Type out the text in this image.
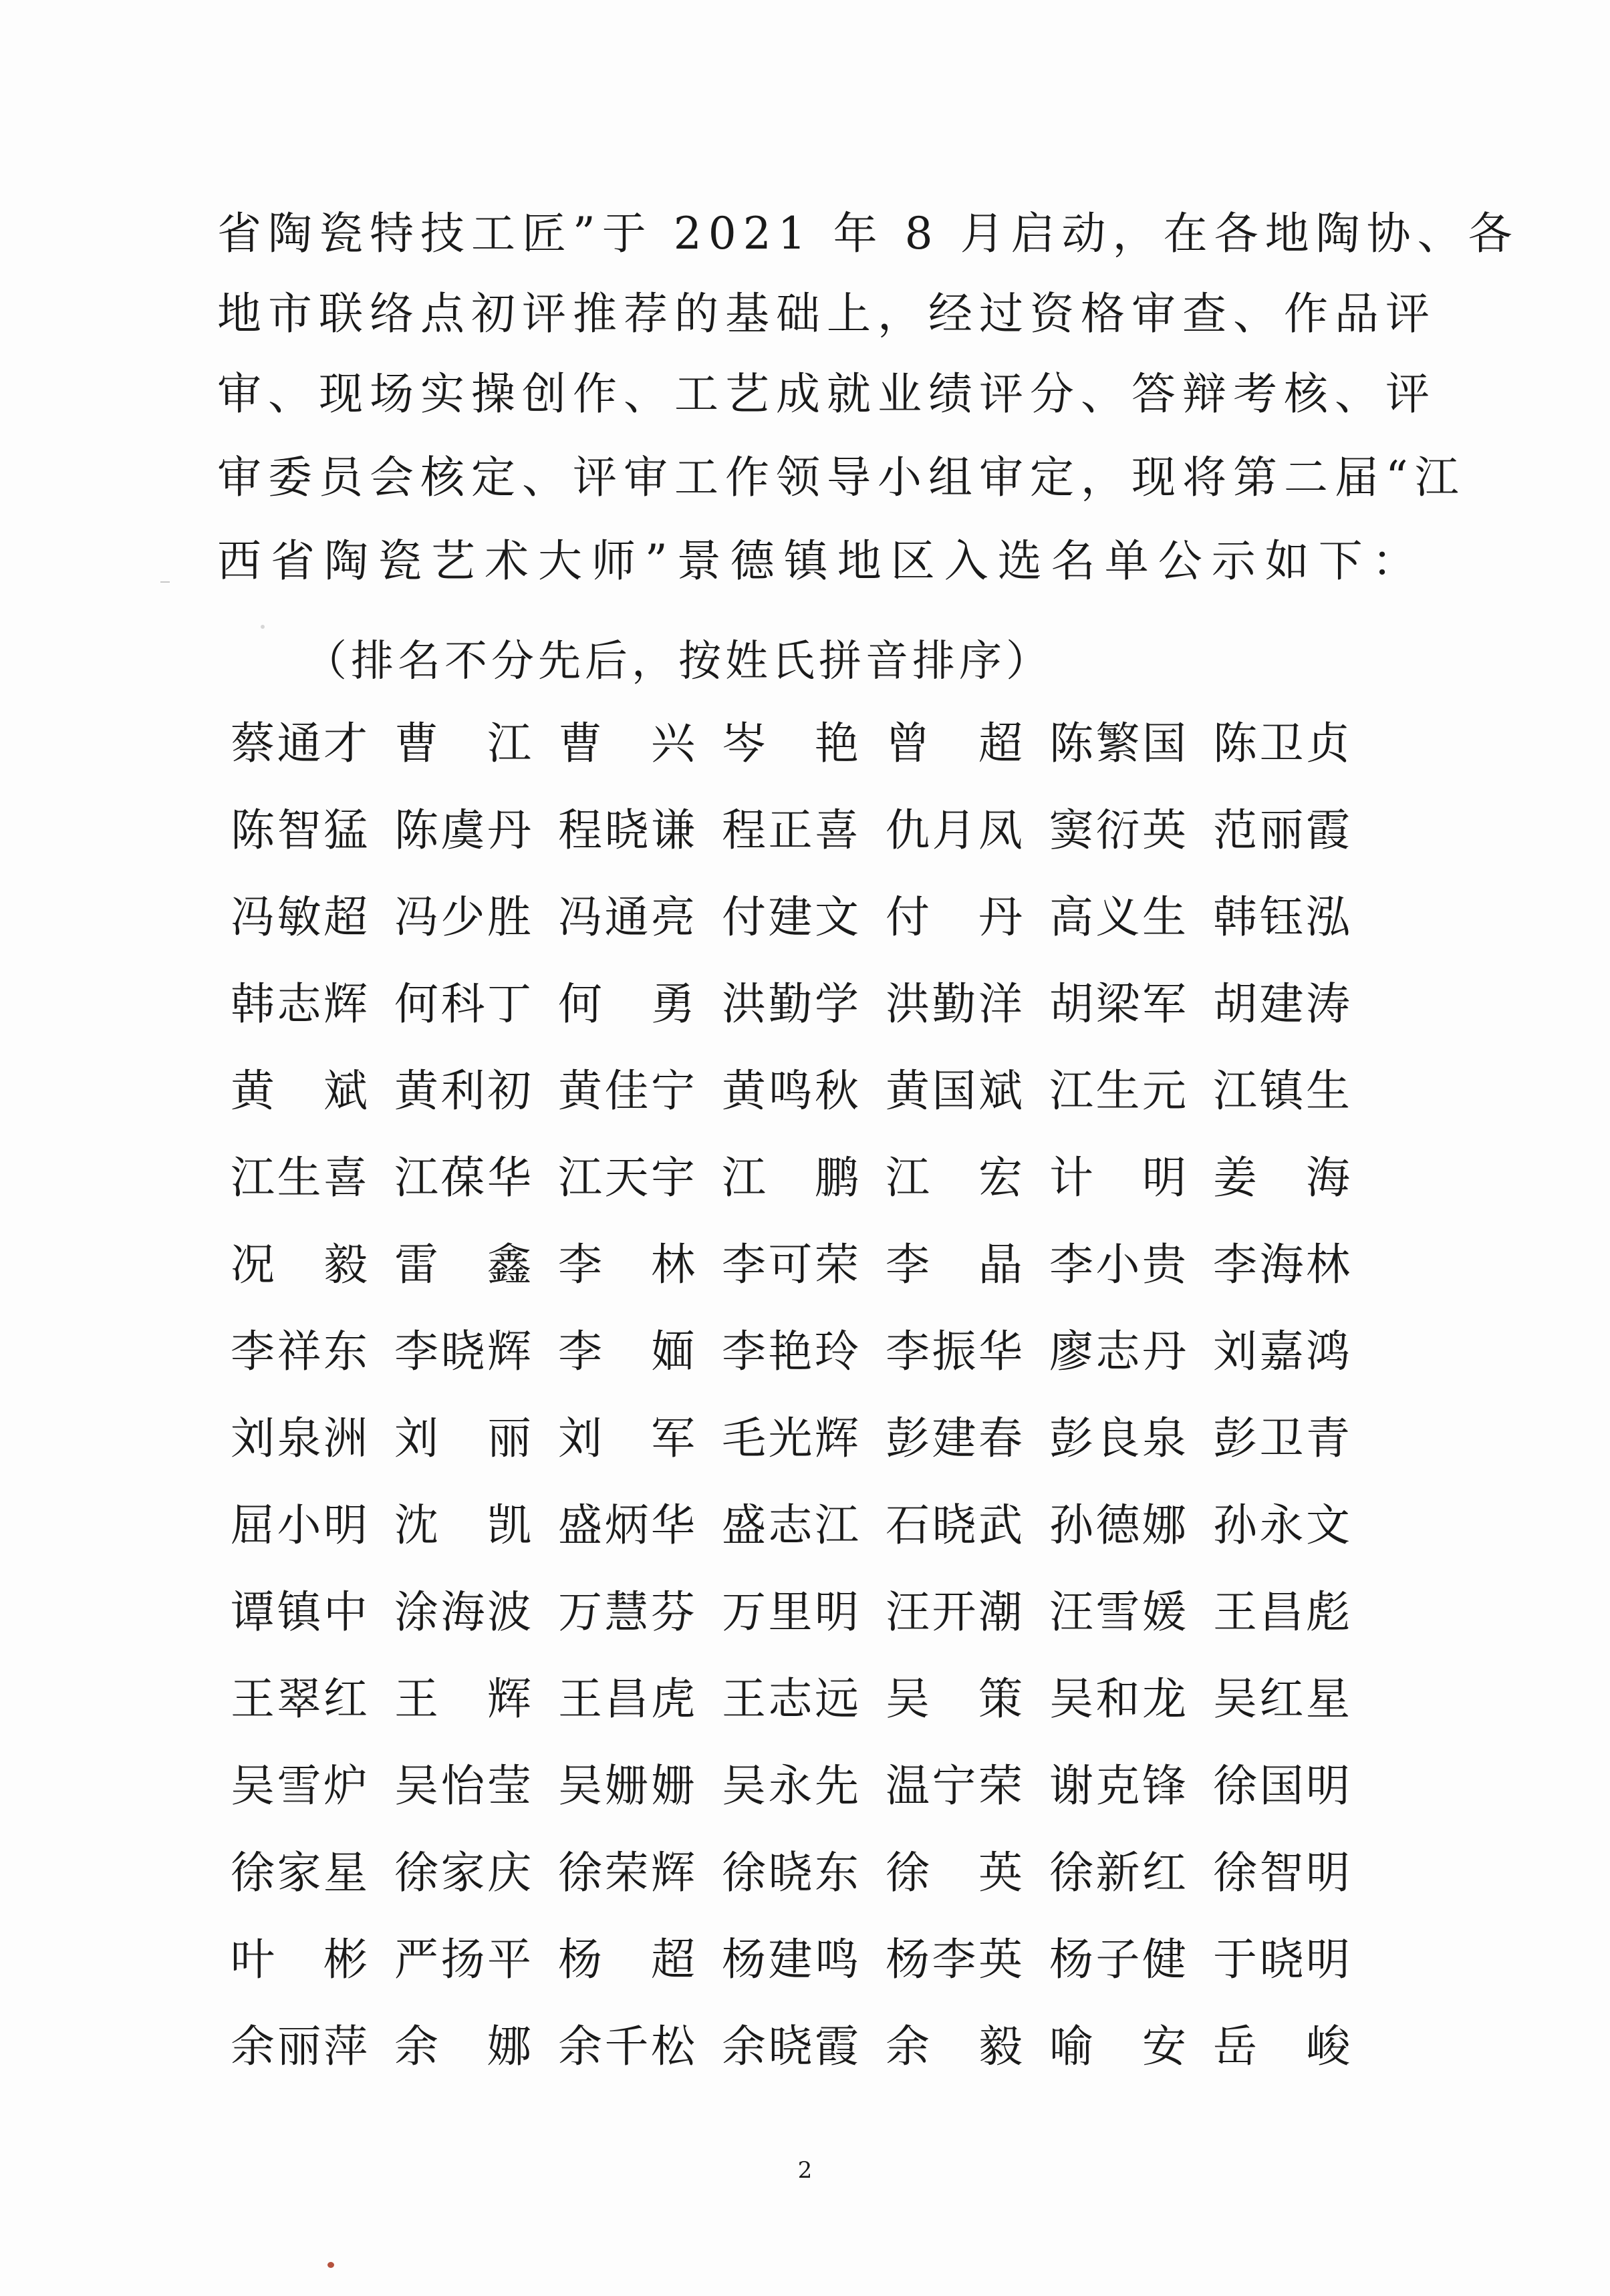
省陶瓷特技工匠”于 2021 年 8 月启动，在各地陶协、各
地市联络点初评推荐的基础上，经过资格审查、作品评
审、现场实操创作、工艺成就业绩评分、答辩考核、评
审委员会核定、评审工作领导小组审定，现将第二届“江
西省陶瓷艺术大师”景德镇地区入选名单公示如下：
（排名不分先后，按姓氏拼音排序）
蔡 通 才 曹 江 曹 兴 岑 艳 曾 超 陈 繁 国 陈 卫 贞
陈 智 猛 陈 虞 丹 程 晓 谦 程 正 喜 仇 月 凤 窦 衍 英 范 丽 霞
冯 敏 超 冯 少 胜 冯 通 亮 付 建 文 付 丹 高 义 生 韩 钰 泓
韩 志 辉 何 科 丁 何 勇 洪 勤 学 洪 勤 洋 胡 梁 军 胡 建 涛
黄 斌 黄 利 初 黄 佳 宁 黄 鸣 秋 黄 国 斌 江 生 元 江 镇 生
江 生 喜 江 葆 华 江 天 宇 江 鹏 江 宏 计 明 姜 海
况 毅 雷 鑫 李 林 李 可 荣 李 晶 李 小 贵 李 海 林
李 祥 东 李 晓 辉 李 媔 李 艳 玲 李 振 华 廖 志 丹 刘 嘉 鸿
刘 泉 洲 刘 丽 刘 军 毛 光 辉 彭 建 春 彭 良 泉 彭 卫 青
屈 小 明 沈 凯 盛 炳 华 盛 志 江 石 晓 武 孙 德 娜 孙 永 文
谭 镇 中 涂 海 波 万 慧 芬 万 里 明 汪 开 潮 汪 雪 媛 王 昌 彪
王 翠 红 王 辉 王 昌 虎 王 志 远 吴 策 吴 和 龙 吴 红 星
吴 雪 炉 吴 怡 莹 吴 姗 姗 吴 永 先 温 宁 荣 谢 克 锋 徐 国 明
徐 家 星 徐 家 庆 徐 荣 辉 徐 晓 东 徐 英 徐 新 红 徐 智 明
叶 彬 严 扬 平 杨 超 杨 建 鸣 杨 李 英 杨 子 健 于 晓 明
余 丽 萍 余 娜 余 千 松 余 晓 霞 余 毅 喻 安 岳 峻
2
